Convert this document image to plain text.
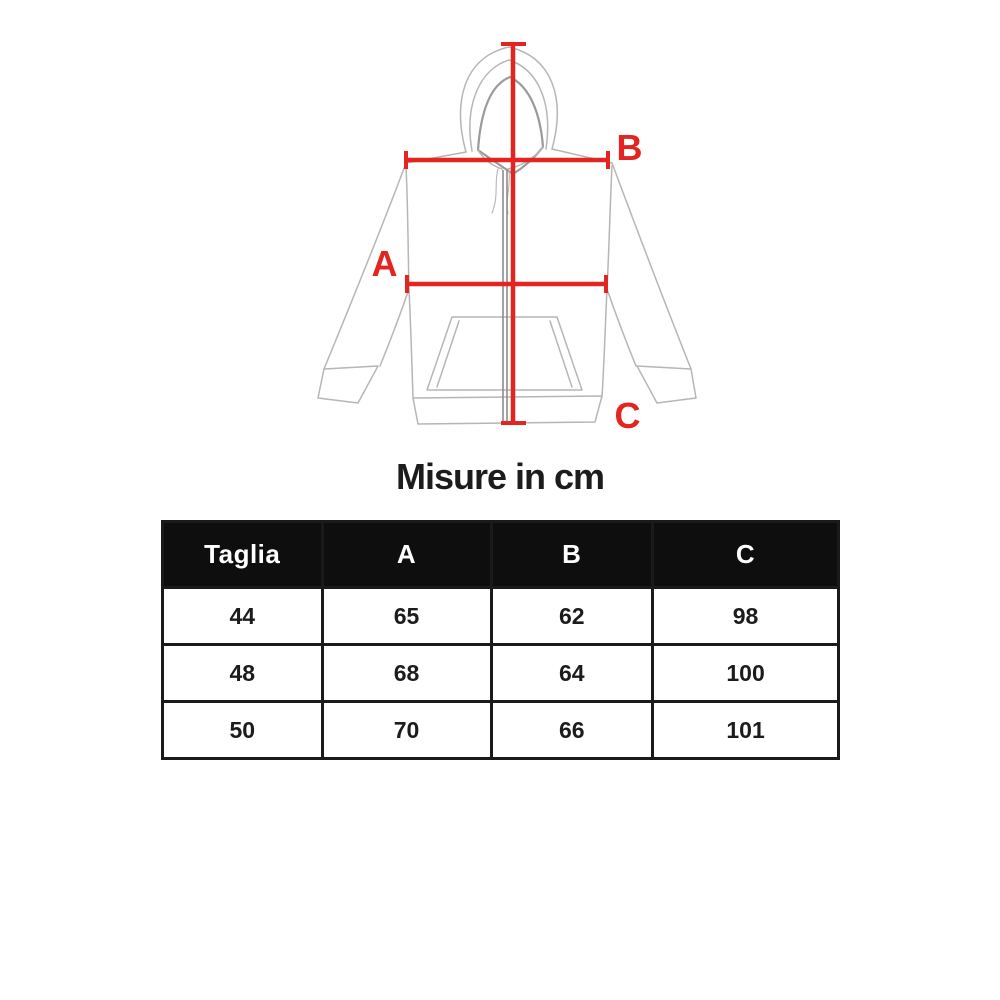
A
B
C
Misure in cm
Taglia	A	B	C
44	65	62	98
48	68	64	100
50	70	66	101
